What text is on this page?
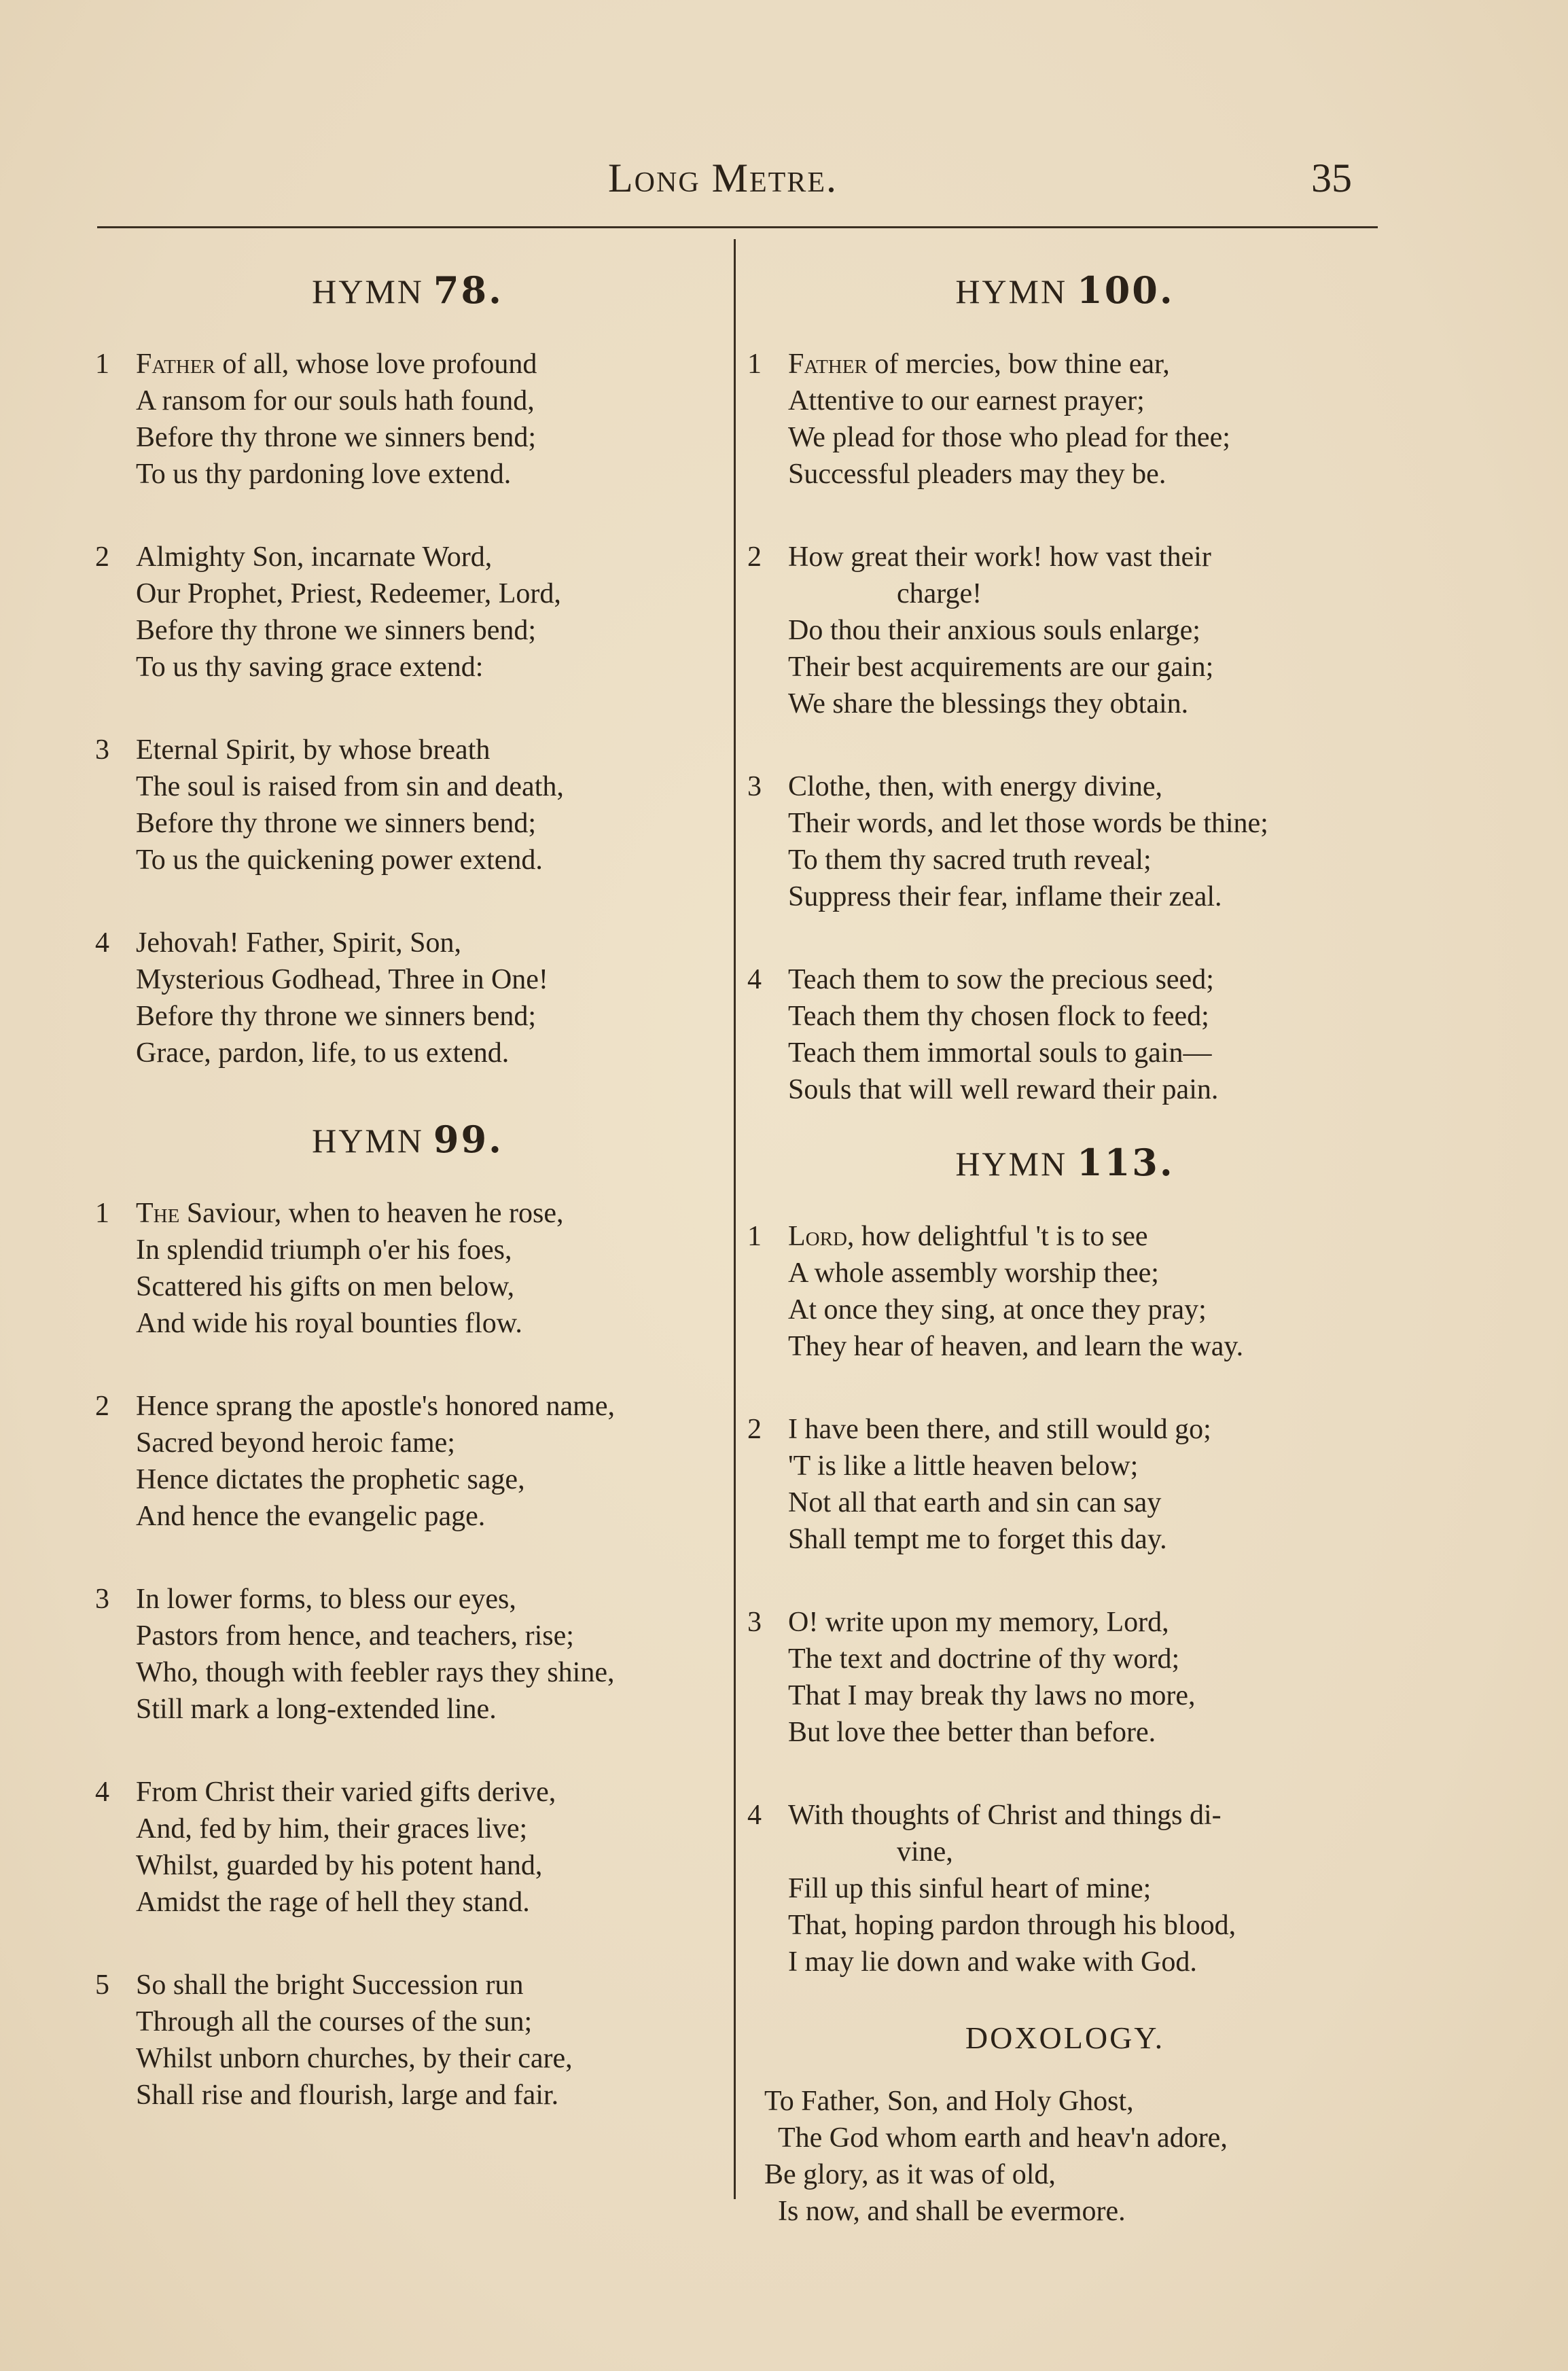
Long Metre.	35
HYMN 78.
1 Father of all, whose love profound
A ransom for our souls hath found,
Before thy throne we sinners bend;
To us thy pardoning love extend.
2 Almighty Son, incarnate Word,
Our Prophet, Priest, Redeemer, Lord,
Before thy throne we sinners bend;
To us thy saving grace extend:
3 Eternal Spirit, by whose breath
The soul is raised from sin and death,
Before thy throne we sinners bend;
To us the quickening power extend.
4 Jehovah! Father, Spirit, Son,
Mysterious Godhead, Three in One!
Before thy throne we sinners bend;
Grace, pardon, life, to us extend.
HYMN 99.
1 The Saviour, when to heaven he rose,
In splendid triumph o'er his foes,
Scattered his gifts on men below,
And wide his royal bounties flow.
2 Hence sprang the apostle's honored name,
Sacred beyond heroic fame;
Hence dictates the prophetic sage,
And hence the evangelic page.
3 In lower forms, to bless our eyes,
Pastors from hence, and teachers, rise;
Who, though with feebler rays they shine,
Still mark a long-extended line.
4 From Christ their varied gifts derive,
And, fed by him, their graces live;
Whilst, guarded by his potent hand,
Amidst the rage of hell they stand.
5 So shall the bright Succession run
Through all the courses of the sun;
Whilst unborn churches, by their care,
Shall rise and flourish, large and fair.
HYMN 100.
1 Father of mercies, bow thine ear,
Attentive to our earnest prayer;
We plead for those who plead for thee;
Successful pleaders may they be.
2 How great their work! how vast their
charge!
Do thou their anxious souls enlarge;
Their best acquirements are our gain;
We share the blessings they obtain.
3 Clothe, then, with energy divine,
Their words, and let those words be thine;
To them thy sacred truth reveal;
Suppress their fear, inflame their zeal.
4 Teach them to sow the precious seed;
Teach them thy chosen flock to feed;
Teach them immortal souls to gain—
Souls that will well reward their pain.
HYMN 113.
1 Lord, how delightful 't is to see
A whole assembly worship thee;
At once they sing, at once they pray;
They hear of heaven, and learn the way.
2 I have been there, and still would go;
'T is like a little heaven below;
Not all that earth and sin can say
Shall tempt me to forget this day.
3 O! write upon my memory, Lord,
The text and doctrine of thy word;
That I may break thy laws no more,
But love thee better than before.
4 With thoughts of Christ and things di-
vine,
Fill up this sinful heart of mine;
That, hoping pardon through his blood,
I may lie down and wake with God.
DOXOLOGY.
To Father, Son, and Holy Ghost,
The God whom earth and heav'n adore,
Be glory, as it was of old,
Is now, and shall be evermore.
